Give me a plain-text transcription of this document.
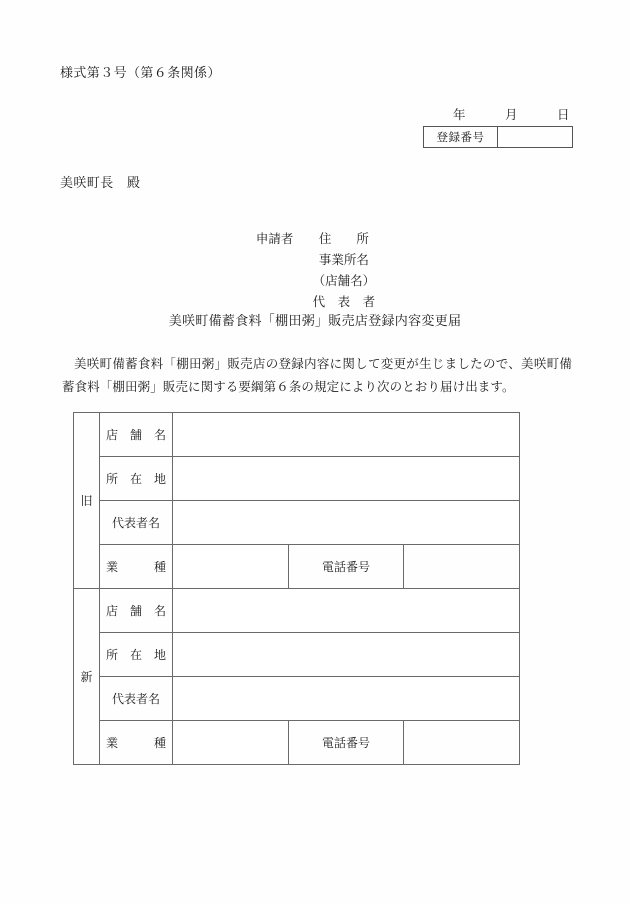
様式第３号（第６条関係）
年	月	日
登録番号
美咲町長　殿

申請者 住　　所

事業所名

（店舗名）

代　表　者

美咲町備蓄食料「棚田粥」販売店登録内容変更届
美咲町備蓄食料「棚田粥」販売店の登録内容に関して変更が生じましたので、美咲町備蓄食料「棚田粥」販売に関する要綱第６条の規定により次のとおり届け出ます。
旧	店　舗　名			
	所　在　地			
	代表者名			
	業　　　種		電話番号	
新	店　舗　名			
	所　在　地			
	代表者名			
	業　　　種		電話番号	
